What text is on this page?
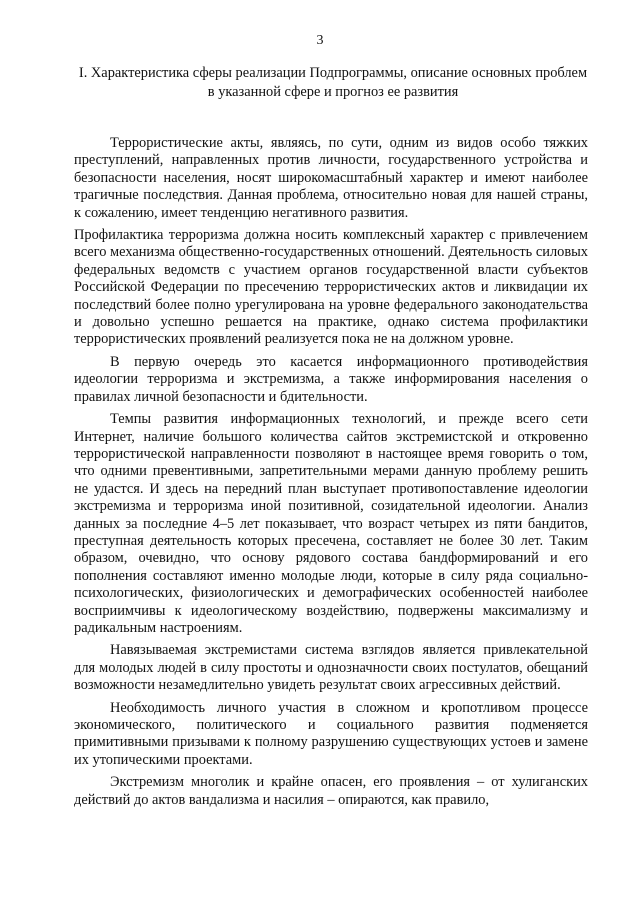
3
I. Характеристика сферы реализации Подпрограммы, описание основных проблем в указанной сфере и прогноз ее развития

Террористические акты, являясь, по сути, одним из видов особо тяжких преступлений, направленных против личности, государственного устройства и безопасности населения, носят широкомасштабный характер и имеют наиболее трагичные последствия. Данная проблема, относительно новая для нашей страны, к сожалению, имеет тенденцию негативного развития.

Профилактика терроризма должна носить комплексный характер с привлечением всего механизма общественно-государственных отношений. Деятельность силовых федеральных ведомств с участием органов государственной власти субъектов Российской Федерации по пресечению террористических актов и ликвидации их последствий более полно урегулирована на уровне федерального законодательства и довольно успешно решается на практике, однако система профилактики террористических проявлений реализуется пока не на должном уровне.

В первую очередь это касается информационного противодействия идеологии терроризма и экстремизма, а также информирования населения о правилах личной безопасности и бдительности.

Темпы развития информационных технологий, и прежде всего сети Интернет, наличие большого количества сайтов экстремистской и откровенно террористической направленности позволяют в настоящее время говорить о том, что одними превентивными, запретительными мерами данную проблему решить не удастся. И здесь на передний план выступает противопоставление идеологии экстремизма и терроризма иной позитивной, созидательной идеологии. Анализ данных за последние 4–5 лет показывает, что возраст четырех из пяти бандитов, преступная деятельность которых пресечена, составляет не более 30 лет. Таким образом, очевидно, что основу рядового состава бандформирований и его пополнения составляют именно молодые люди, которые в силу ряда социально-психологических, физиологических и демографических особенностей наиболее восприимчивы к идеологическому воздействию, подвержены максимализму и радикальным настроениям.

Навязываемая экстремистами система взглядов является привлекательной для молодых людей в силу простоты и однозначности своих постулатов, обещаний возможности незамедлительно увидеть результат своих агрессивных действий.

Необходимость личного участия в сложном и кропотливом процессе экономического, политического и социального развития подменяется примитивными призывами к полному разрушению существующих устоев и замене их утопическими проектами.

Экстремизм многолик и крайне опасен, его проявления – от хулиганских действий до актов вандализма и насилия – опираются, как правило,
